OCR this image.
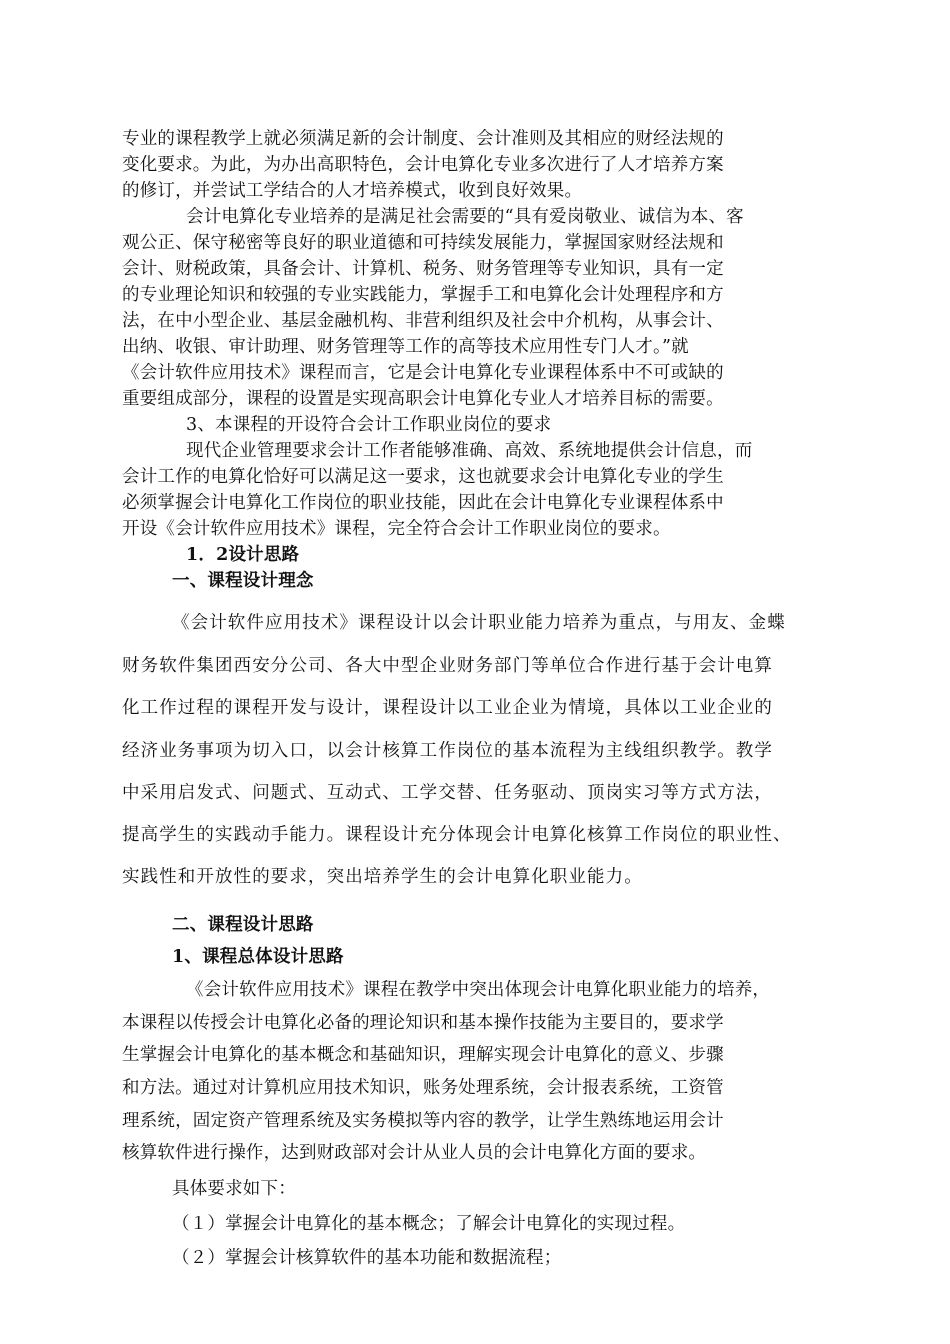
专业的课程教学上就必须满足新的会计制度、会计准则及其相应的财经法规的

变化要求。为此，为办出高职特色，会计电算化专业多次进行了人才培养方案

的修订，并尝试工学结合的人才培养模式，收到良好效果。

会计电算化专业培养的是满足社会需要的“具有爱岗敬业、诚信为本、客

观公正、保守秘密等良好的职业道德和可持续发展能力，掌握国家财经法规和

会计、财税政策，具备会计、计算机、税务、财务管理等专业知识，具有一定

的专业理论知识和较强的专业实践能力，掌握手工和电算化会计处理程序和方

法，在中小型企业、基层金融机构、非营利组织及社会中介机构，从事会计、

出纳、收银、审计助理、财务管理等工作的高等技术应用性专门人才。”就

《会计软件应用技术》课程而言，它是会计电算化专业课程体系中不可或缺的

重要组成部分，课程的设置是实现高职会计电算化专业人才培养目标的需要。

3、本课程的开设符合会计工作职业岗位的要求

现代企业管理要求会计工作者能够准确、高效、系统地提供会计信息，而

会计工作的电算化恰好可以满足这一要求，这也就要求会计电算化专业的学生

必须掌握会计电算化工作岗位的职业技能，因此在会计电算化专业课程体系中

开设《会计软件应用技术》课程，完全符合会计工作职业岗位的要求。

1．2设计思路

一、课程设计理念

《会计软件应用技术》课程设计以会计职业能力培养为重点，与用友、金蝶

财务软件集团西安分公司、各大中型企业财务部门等单位合作进行基于会计电算

化工作过程的课程开发与设计，课程设计以工业企业为情境，具体以工业企业的

经济业务事项为切入口，以会计核算工作岗位的基本流程为主线组织教学。教学

中采用启发式、问题式、互动式、工学交替、任务驱动、顶岗实习等方式方法，

提高学生的实践动手能力。课程设计充分体现会计电算化核算工作岗位的职业性、

实践性和开放性的要求，突出培养学生的会计电算化职业能力。

二、课程设计思路

1、课程总体设计思路

《会计软件应用技术》课程在教学中突出体现会计电算化职业能力的培养，

本课程以传授会计电算化必备的理论知识和基本操作技能为主要目的，要求学

生掌握会计电算化的基本概念和基础知识，理解实现会计电算化的意义、步骤

和方法。通过对计算机应用技术知识，账务处理系统，会计报表系统，工资管

理系统，固定资产管理系统及实务模拟等内容的教学，让学生熟练地运用会计

核算软件进行操作，达到财政部对会计从业人员的会计电算化方面的要求。

具体要求如下：

（１）掌握会计电算化的基本概念；了解会计电算化的实现过程。

（２）掌握会计核算软件的基本功能和数据流程；
